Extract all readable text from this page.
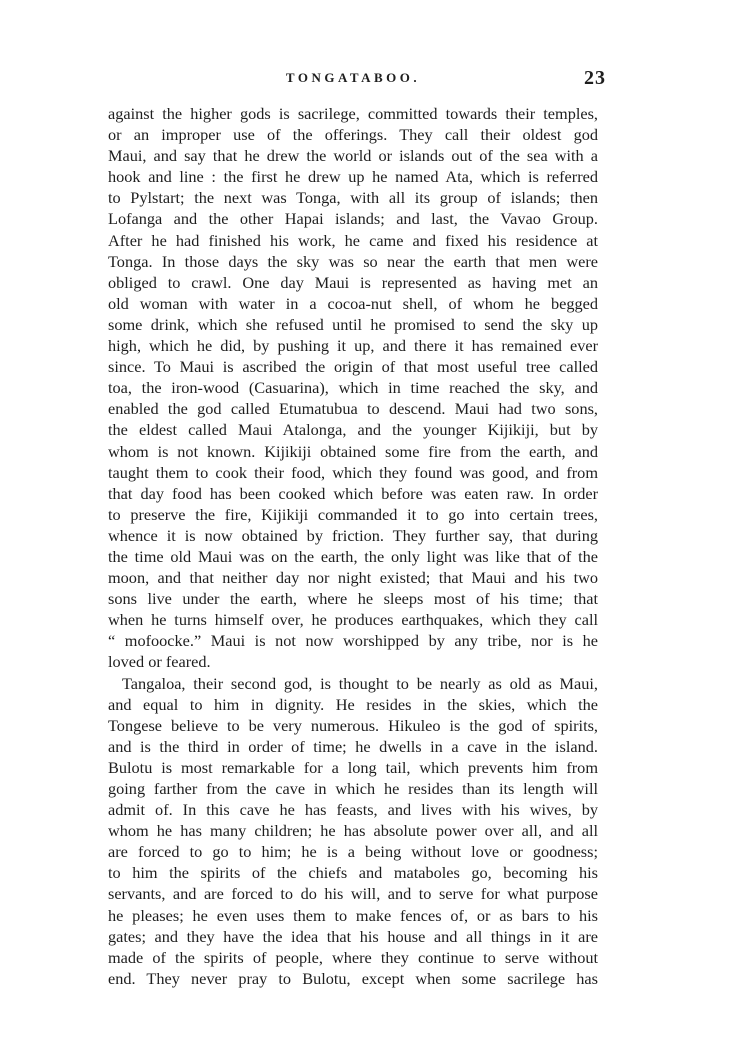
TONGATABOO.	23
against the higher gods is sacrilege, committed towards their temples,
or an improper use of the offerings. They call their oldest god
Maui, and say that he drew the world or islands out of the sea with a
hook and line : the first he drew up he named Ata, which is referred
to Pylstart; the next was Tonga, with all its group of islands; then
Lofanga and the other Hapai islands; and last, the Vavao Group.
After he had finished his work, he came and fixed his residence at
Tonga. In those days the sky was so near the earth that men were
obliged to crawl. One day Maui is represented as having met an
old woman with water in a cocoa-nut shell, of whom he begged
some drink, which she refused until he promised to send the sky up
high, which he did, by pushing it up, and there it has remained ever
since. To Maui is ascribed the origin of that most useful tree called
toa, the iron-wood (Casuarina), which in time reached the sky, and
enabled the god called Etumatubua to descend. Maui had two sons,
the eldest called Maui Atalonga, and the younger Kijikiji, but by
whom is not known. Kijikiji obtained some fire from the earth, and
taught them to cook their food, which they found was good, and from
that day food has been cooked which before was eaten raw. In order
to preserve the fire, Kijikiji commanded it to go into certain trees,
whence it is now obtained by friction. They further say, that during
the time old Maui was on the earth, the only light was like that of the
moon, and that neither day nor night existed; that Maui and his two
sons live under the earth, where he sleeps most of his time; that
when he turns himself over, he produces earthquakes, which they call
“ mofoocke.” Maui is not now worshipped by any tribe, nor is he
loved or feared.
Tangaloa, their second god, is thought to be nearly as old as Maui,
and equal to him in dignity. He resides in the skies, which the
Tongese believe to be very numerous. Hikuleo is the god of spirits,
and is the third in order of time; he dwells in a cave in the island.
Bulotu is most remarkable for a long tail, which prevents him from
going farther from the cave in which he resides than its length will
admit of. In this cave he has feasts, and lives with his wives, by
whom he has many children; he has absolute power over all, and all
are forced to go to him; he is a being without love or goodness;
to him the spirits of the chiefs and mataboles go, becoming his
servants, and are forced to do his will, and to serve for what purpose
he pleases; he even uses them to make fences of, or as bars to his
gates; and they have the idea that his house and all things in it are
made of the spirits of people, where they continue to serve without
end. They never pray to Bulotu, except when some sacrilege has
